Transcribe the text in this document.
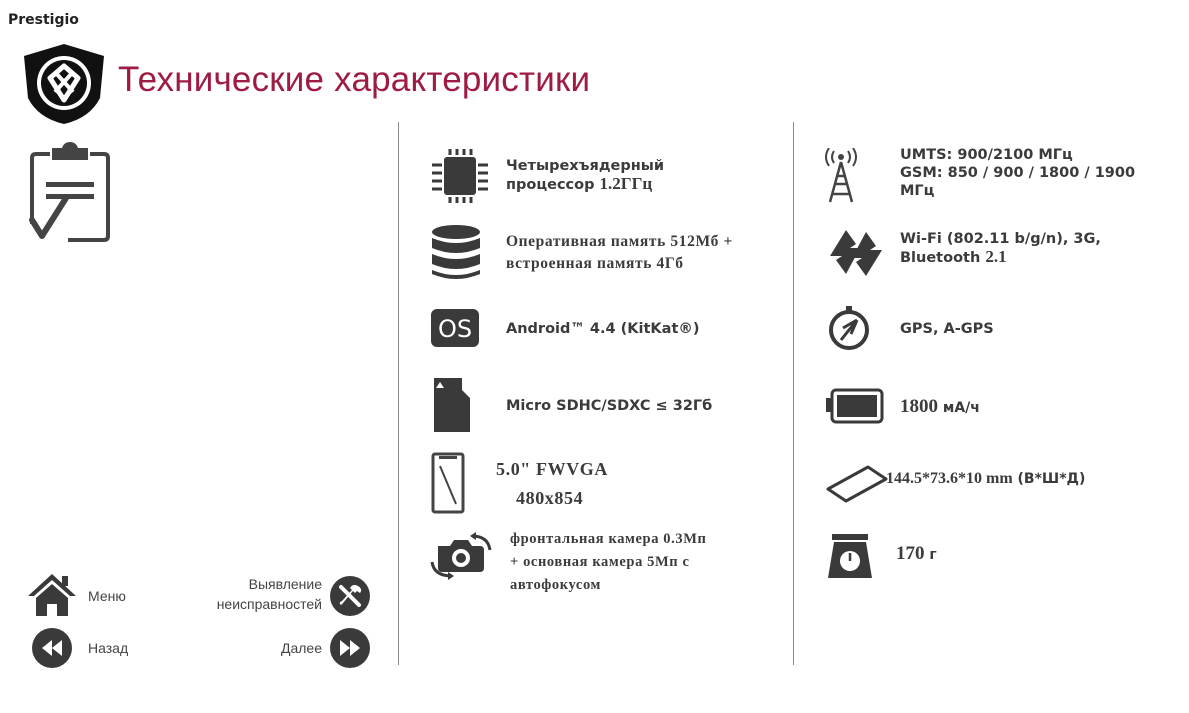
Prestigio
Технические характеристики
Четырехъядерный
процессор 1.2ГГц
Оперативная память 512Мб +
встроенная память 4Гб
OS Android™ 4.4 (KitKat®)
Micro SDHC/SDXC ≤ 32Гб
5.0" FWVGA
480x854
фронтальная камера 0.3Мп
+ основная камера 5Мп с
автофокусом
UMTS: 900/2100 МГц
GSM: 850 / 900 / 1800 / 1900
МГц
Wi-Fi (802.11 b/g/n), 3G,
Bluetooth 2.1
GPS, A-GPS
1800 мА/ч
144.5*73.6*10 mm (В*Ш*Д)
170 г
Меню
Выявление
неисправностей
Назад	Далее
